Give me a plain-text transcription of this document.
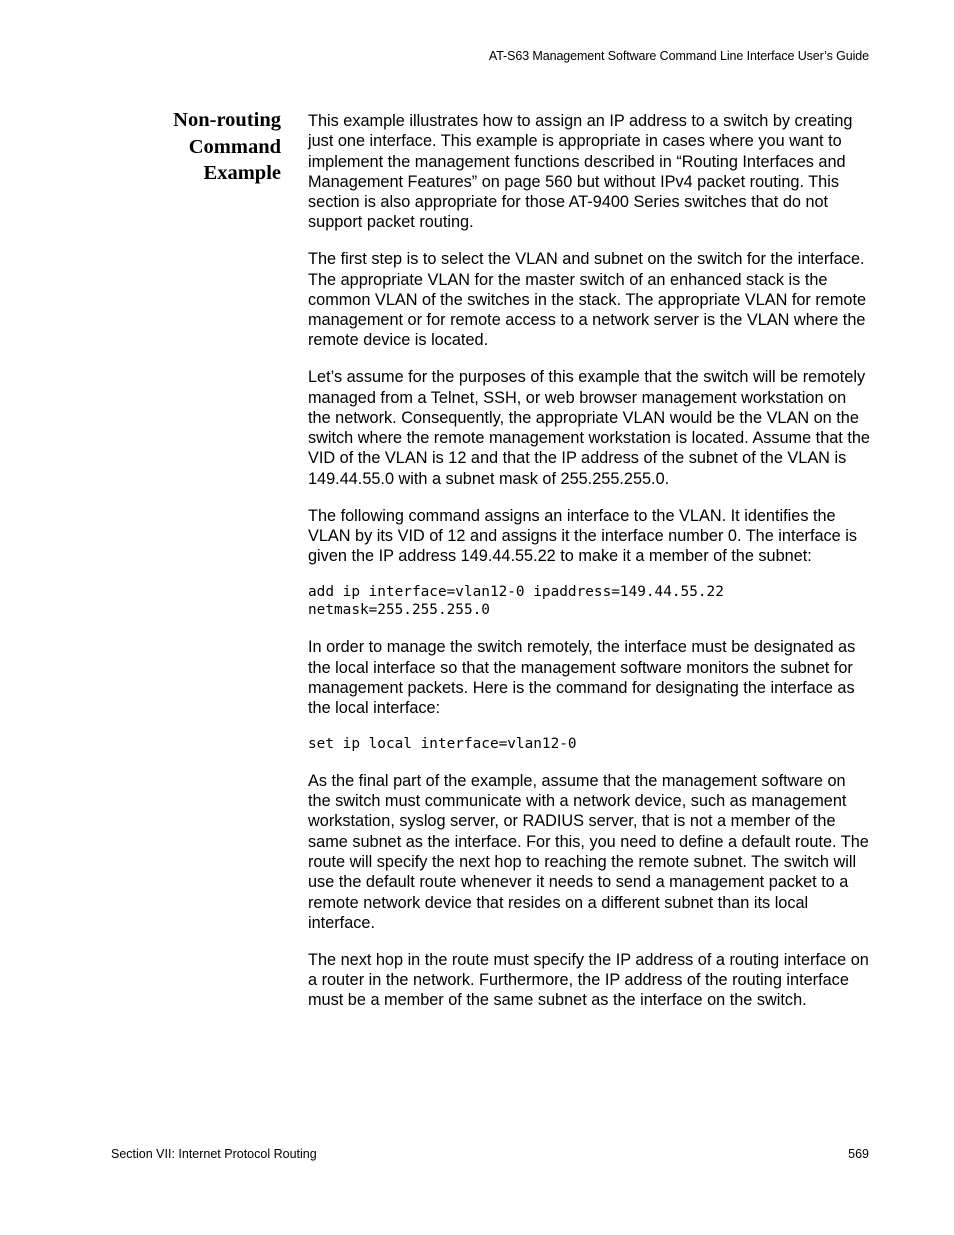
AT-S63 Management Software Command Line Interface User’s Guide
Non-routing
Command
Example

This example illustrates how to assign an IP address to a switch by creating just one interface. This example is appropriate in cases where you want to implement the management functions described in “Routing Interfaces and Management Features” on page 560 but without IPv4 packet routing. This section is also appropriate for those AT-9400 Series switches that do not support packet routing.

The first step is to select the VLAN and subnet on the switch for the interface. The appropriate VLAN for the master switch of an enhanced stack is the common VLAN of the switches in the stack. The appropriate VLAN for remote management or for remote access to a network server is the VLAN where the remote device is located.

Let’s assume for the purposes of this example that the switch will be remotely managed from a Telnet, SSH, or web browser management workstation on the network. Consequently, the appropriate VLAN would be the VLAN on the switch where the remote management workstation is located. Assume that the VID of the VLAN is 12 and that the IP address of the subnet of the VLAN is 149.44.55.0 with a subnet mask of 255.255.255.0.

The following command assigns an interface to the VLAN. It identifies the VLAN by its VID of 12 and assigns it the interface number 0. The interface is given the IP address 149.44.55.22 to make it a member of the subnet:

add ip interface=vlan12-0 ipaddress=149.44.55.22
netmask=255.255.255.0

In order to manage the switch remotely, the interface must be designated as the local interface so that the management software monitors the subnet for management packets. Here is the command for designating the interface as the local interface:

set ip local interface=vlan12-0

As the final part of the example, assume that the management software on the switch must communicate with a network device, such as management workstation, syslog server, or RADIUS server, that is not a member of the same subnet as the interface. For this, you need to define a default route. The route will specify the next hop to reaching the remote subnet. The switch will use the default route whenever it needs to send a management packet to a remote network device that resides on a different subnet than its local interface.

The next hop in the route must specify the IP address of a routing interface on a router in the network. Furthermore, the IP address of the routing interface must be a member of the same subnet as the interface on the switch.

Section VII: Internet Protocol Routing	569
